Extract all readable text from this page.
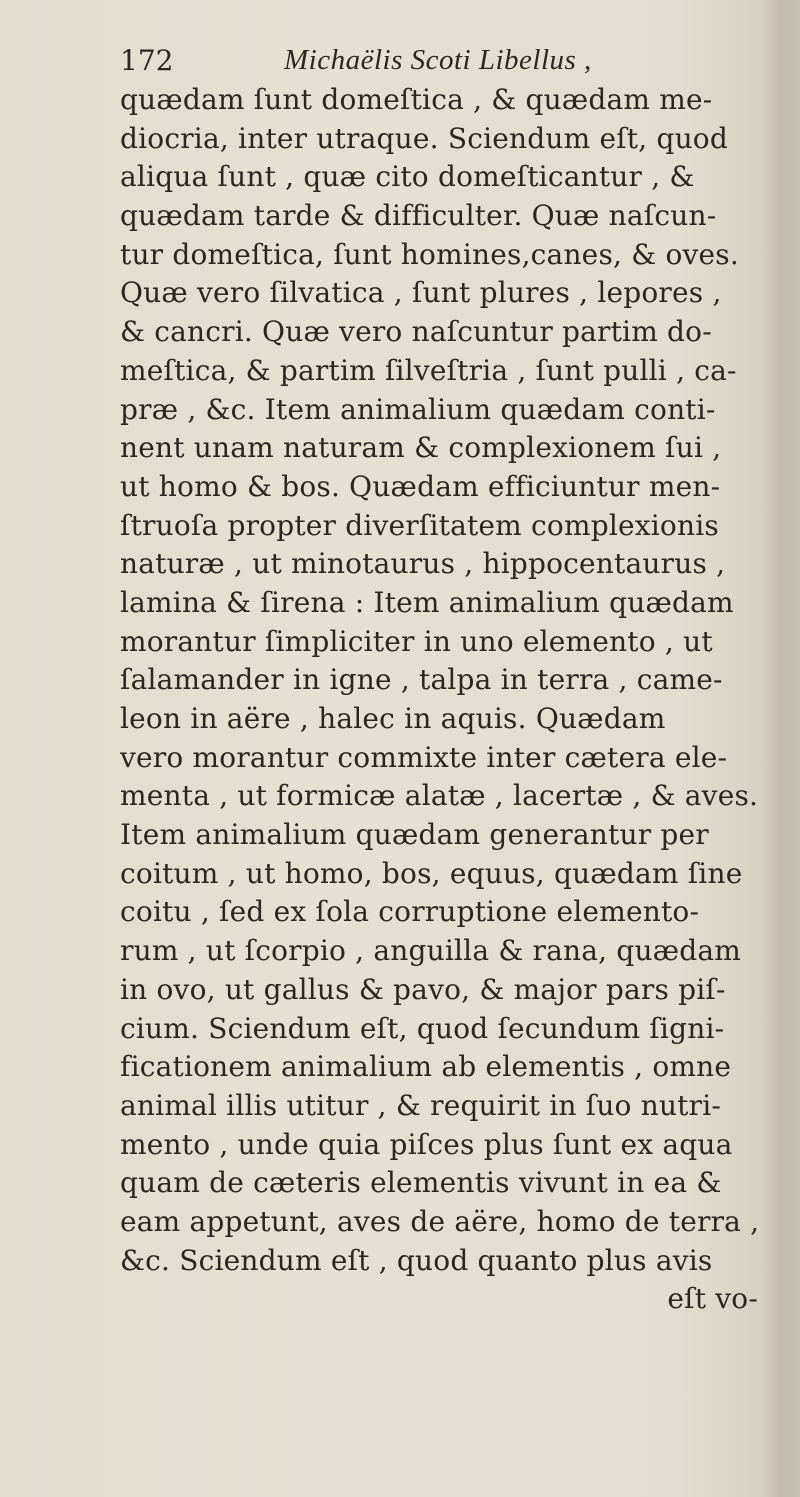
172	Michaëlis Scoti Libellus ,
quædam ſunt domeſtica , & quædam me-
diocria, inter utraque. Sciendum eſt, quod
aliqua ſunt , quæ cito domeſticantur , &
quædam tarde & difficulter. Quæ naſcun-
tur domeſtica, ſunt homines,canes, & oves.
Quæ vero ſilvatica , ſunt plures , lepores ,
& cancri. Quæ vero naſcuntur partim do-
meſtica, & partim ſilveſtria , ſunt pulli , ca-
præ , &c. Item animalium quædam conti-
nent unam naturam & complexionem ſui ,
ut homo & bos. Quædam efficiuntur men-
ſtruoſa propter diverſitatem complexionis
naturæ , ut minotaurus , hippocentaurus ,
lamina & ſirena : Item animalium quædam
morantur ſimpliciter in uno elemento , ut
ſalamander in igne , talpa in terra , came-
leon in aëre , halec in aquis. Quædam
vero morantur commixte inter cætera ele-
menta , ut formicæ alatæ , lacertæ , & aves.
Item animalium quædam generantur per
coitum , ut homo, bos, equus, quædam ſine
coitu , ſed ex ſola corruptione elemento-
rum , ut ſcorpio , anguilla & rana, quædam
in ovo, ut gallus & pavo, & major pars piſ-
cium. Sciendum eſt, quod ſecundum ſigni-
ficationem animalium ab elementis , omne
animal illis utitur , & requirit in ſuo nutri-
mento , unde quia piſces plus ſunt ex aqua
quam de cæteris elementis vivunt in ea &
eam appetunt, aves de aëre, homo de terra ,
&c. Sciendum eſt , quod quanto plus avis
eſt vo-
